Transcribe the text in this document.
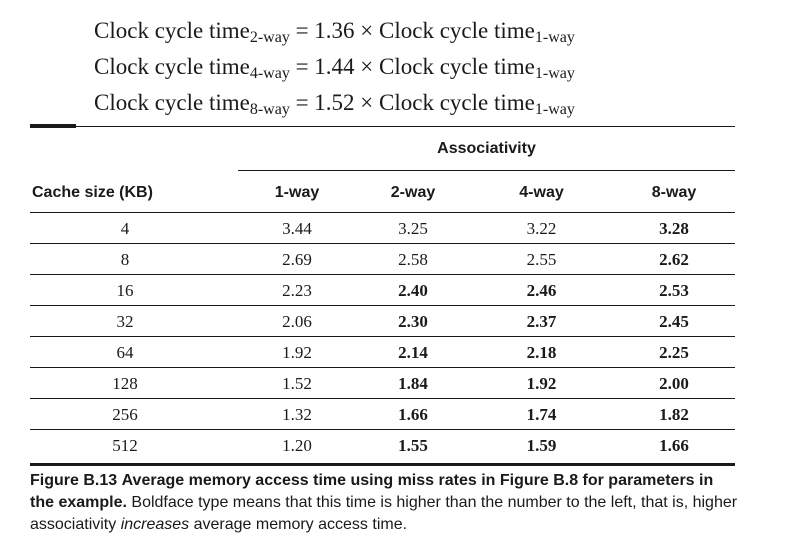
Clock cycle time$_{2-way}$ = 1.36 × Clock cycle time$_{1-way}$
Clock cycle time$_{4-way}$ = 1.44 × Clock cycle time$_{1-way}$
Clock cycle time$_{8-way}$ = 1.52 × Clock cycle time$_{1-way}$
Associativity
Cache size (KB)	1-way	2-way	4-way	8-way
4	3.44	3.25	3.22	3.28
8	2.69	2.58	2.55	2.62
16	2.23	2.40	2.46	2.53
32	2.06	2.30	2.37	2.45
64	1.92	2.14	2.18	2.25
128	1.52	1.84	1.92	2.00
256	1.32	1.66	1.74	1.82
512	1.20	1.55	1.59	1.66
Figure B.13 Average memory access time using miss rates in Figure B.8 for parameters in the example. Boldface type means that this time is higher than the number to the left, that is, higher associativity increases average memory access time.
